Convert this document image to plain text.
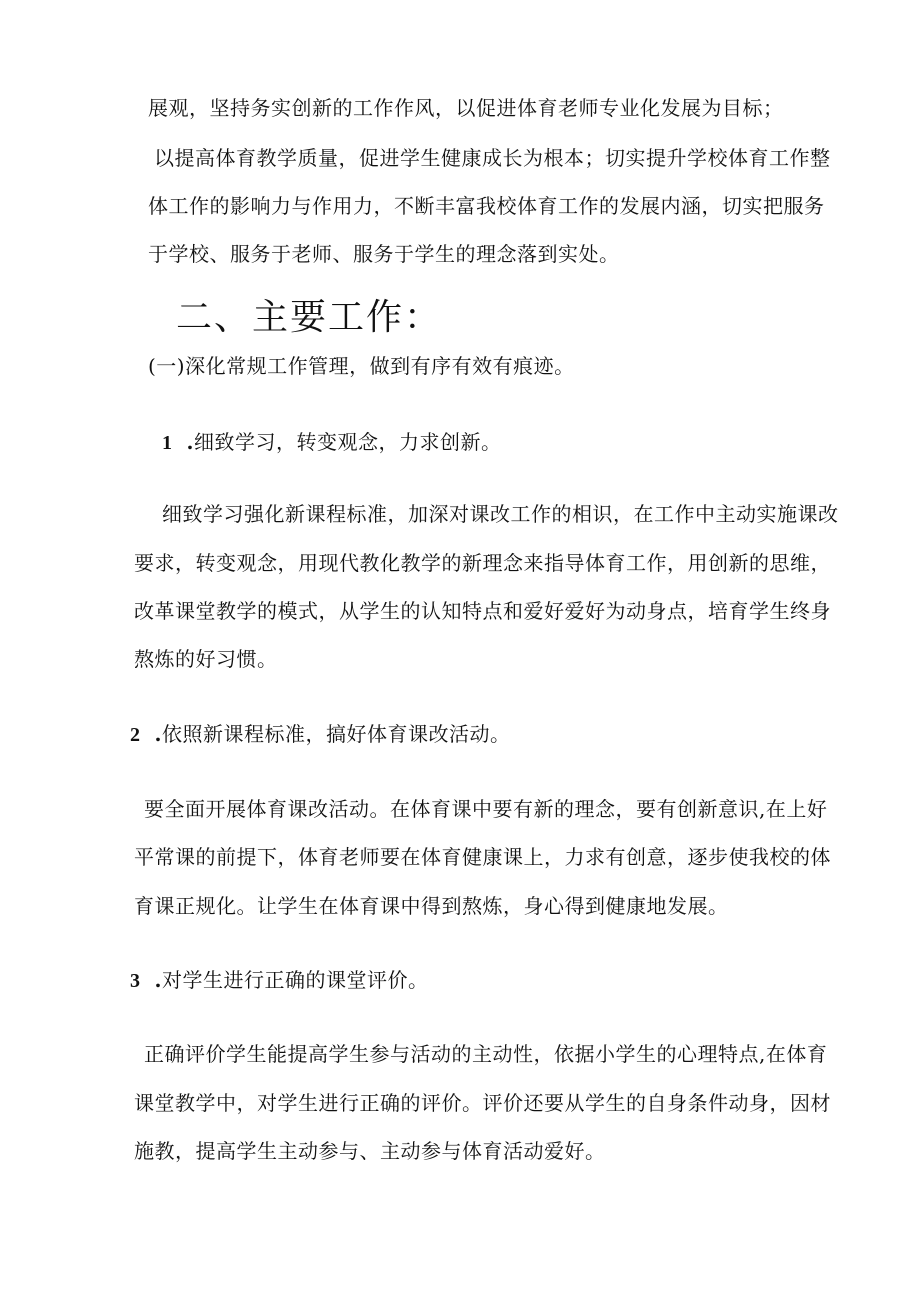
展观，坚持务实创新的工作作风，以促进体育老师专业化发展为目标；
以提高体育教学质量，促进学生健康成长为根本；切实提升学校体育工作整
体工作的影响力与作用力，不断丰富我校体育工作的发展内涵，切实把服务
于学校、服务于老师、服务于学生的理念落到实处。
二、主要工作：
(一)深化常规工作管理，做到有序有效有痕迹。
1 .细致学习，转变观念，力求创新。
细致学习强化新课程标准，加深对课改工作的相识，在工作中主动实施课改
要求，转变观念，用现代教化教学的新理念来指导体育工作，用创新的思维，
改革课堂教学的模式，从学生的认知特点和爱好爱好为动身点，培育学生终身
熬炼的好习惯。
2 .依照新课程标准，搞好体育课改活动。
要全面开展体育课改活动。在体育课中要有新的理念，要有创新意识,在上好
平常课的前提下，体育老师要在体育健康课上，力求有创意，逐步使我校的体
育课正规化。让学生在体育课中得到熬炼，身心得到健康地发展。
3 .对学生进行正确的课堂评价。
正确评价学生能提高学生参与活动的主动性，依据小学生的心理特点,在体育
课堂教学中，对学生进行正确的评价。评价还要从学生的自身条件动身，因材
施教，提高学生主动参与、主动参与体育活动爱好。
